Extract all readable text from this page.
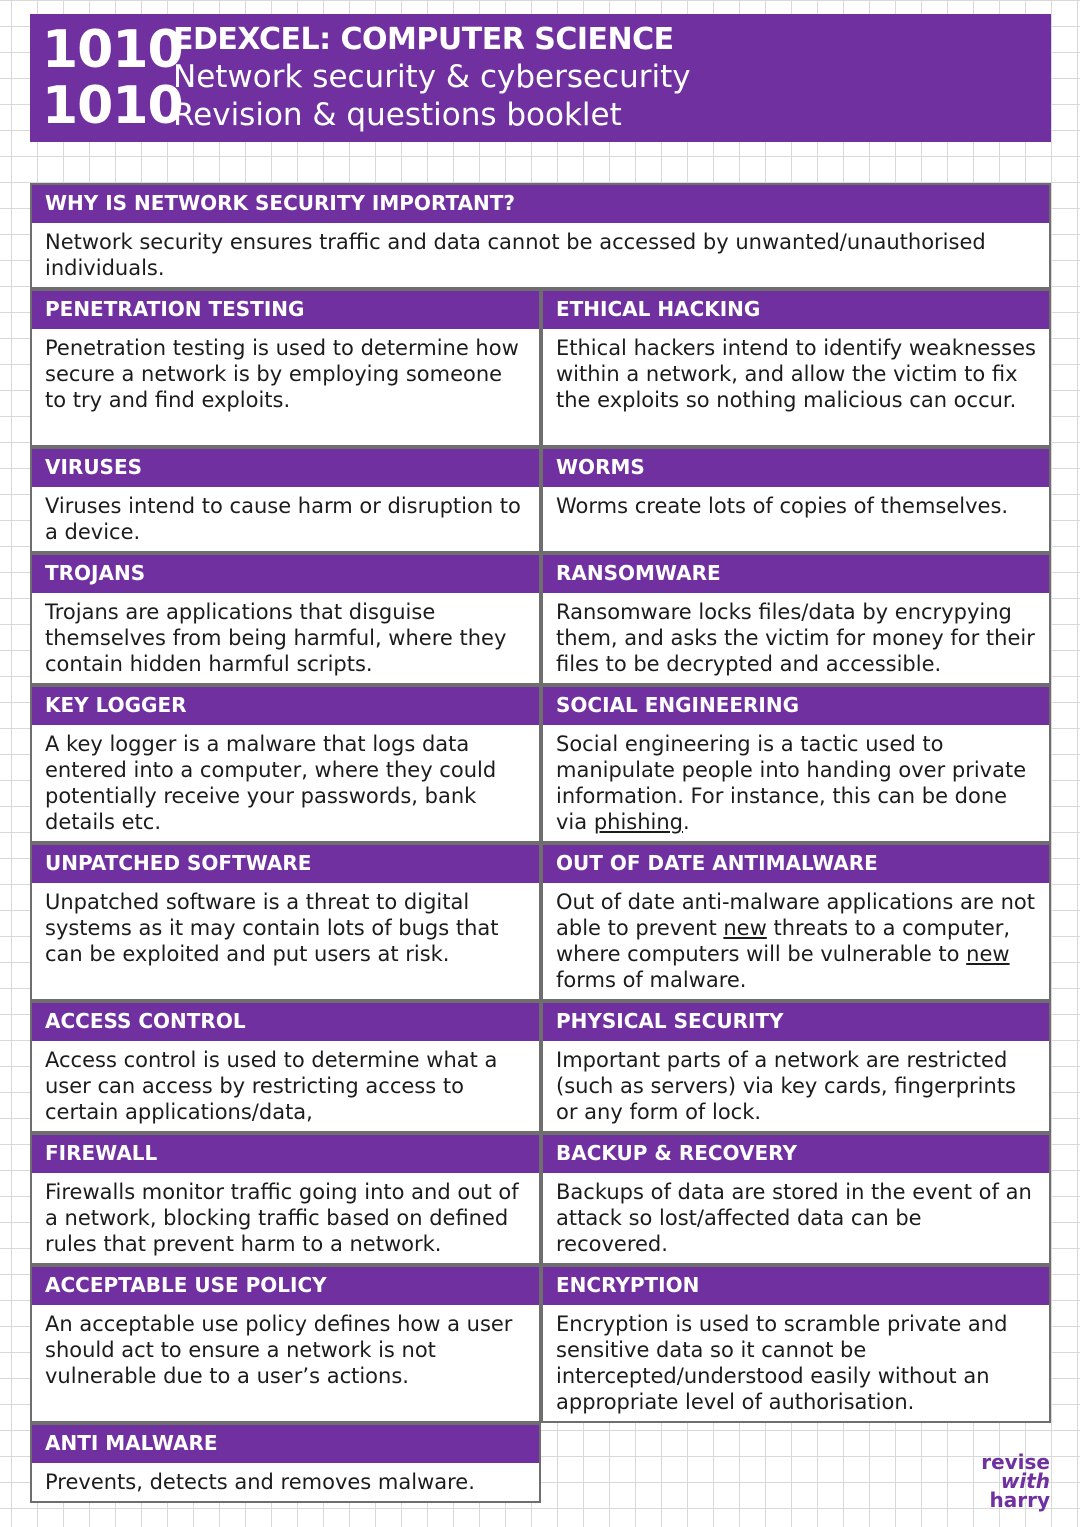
1010
1010
EDEXCEL: COMPUTER SCIENCE
Network security & cybersecurity
Revision & questions booklet
WHY IS NETWORK SECURITY IMPORTANT?
Network security ensures traffic and data cannot be accessed by unwanted/unauthorised individuals.
PENETRATION TESTING
Penetration testing is used to determine how secure a network is by employing someone to try and find exploits.
ETHICAL HACKING
Ethical hackers intend to identify weaknesses within a network, and allow the victim to fix the exploits so nothing malicious can occur.
VIRUSES
Viruses intend to cause harm or disruption to a device.
WORMS
Worms create lots of copies of themselves.
TROJANS
Trojans are applications that disguise themselves from being harmful, where they contain hidden harmful scripts.
RANSOMWARE
Ransomware locks files/data by encrypying them, and asks the victim for money for their files to be decrypted and accessible.
KEY LOGGER
A key logger is a malware that logs data entered into a computer, where they could potentially receive your passwords, bank details etc.
SOCIAL ENGINEERING
Social engineering is a tactic used to manipulate people into handing over private information. For instance, this can be done via phishing.
UNPATCHED SOFTWARE
Unpatched software is a threat to digital systems as it may contain lots of bugs that can be exploited and put users at risk.
OUT OF DATE ANTIMALWARE
Out of date anti-malware applications are not able to prevent new threats to a computer, where computers will be vulnerable to new forms of malware.
ACCESS CONTROL
Access control is used to determine what a user can access by restricting access to certain applications/data,
PHYSICAL SECURITY
Important parts of a network are restricted (such as servers) via key cards, fingerprints or any form of lock.
FIREWALL
Firewalls monitor traffic going into and out of a network, blocking traffic based on defined rules that prevent harm to a network.
BACKUP & RECOVERY
Backups of data are stored in the event of an attack so lost/affected data can be recovered.
ACCEPTABLE USE POLICY
An acceptable use policy defines how a user should act to ensure a network is not vulnerable due to a user’s actions.
ENCRYPTION
Encryption is used to scramble private and sensitive data so it cannot be intercepted/understood easily without an appropriate level of authorisation.
ANTI MALWARE
Prevents, detects and removes malware.
revise
with
harry
